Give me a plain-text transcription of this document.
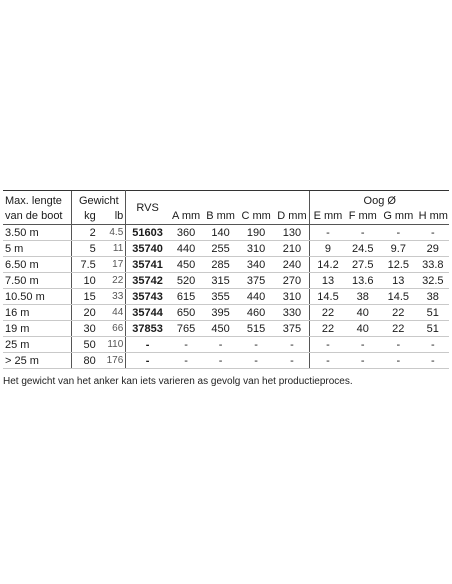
Max. lengte	Gewicht							Oog Ø			
van de boot	kg	lb	RVS	A mm	B mm	C mm	D mm	E mm	F mm	G mm	H mm
3.50 m	2	4.5	51603	360	140	190	130	-	-	-	-
5 m	5	11	35740	440	255	310	210	9	24.5	9.7	29
6.50 m	7.5	17	35741	450	285	340	240	14.2	27.5	12.5	33.8
7.50 m	10	22	35742	520	315	375	270	13	13.6	13	32.5
10.50 m	15	33	35743	615	355	440	310	14.5	38	14.5	38
16 m	20	44	35744	650	395	460	330	22	40	22	51
19 m	30	66	37853	765	450	515	375	22	40	22	51
25 m	50	110	-	-	-	-	-	-	-	-	-
> 25 m	80	176	-	-	-	-	-	-	-	-	-
Het gewicht van het anker kan iets varieren as gevolg van het productieproces.
